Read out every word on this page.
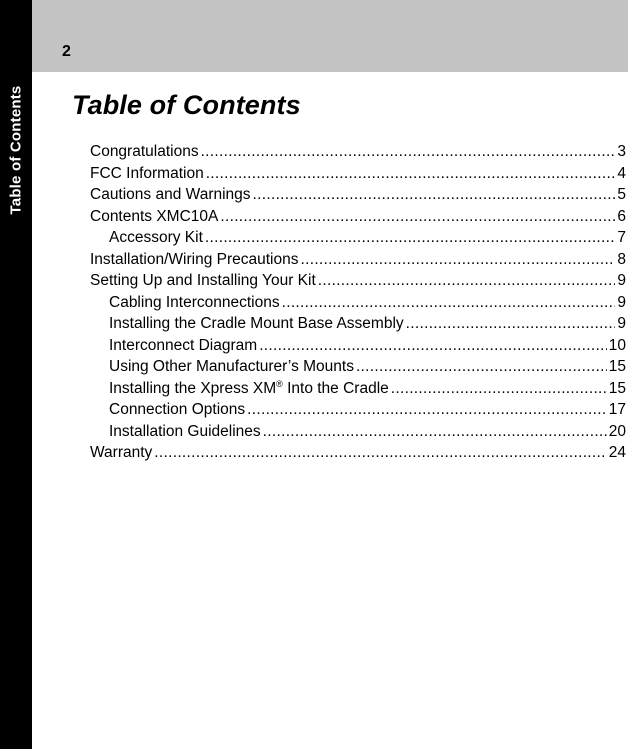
Table of Contents
2
Table of Contents
Congratulations .....	3
FCC Information .....	4
Cautions and Warnings .....	5
Contents XMC10A .....	6
Accessory Kit .....	7
Installation/Wiring Precautions .....	8
Setting Up and Installing Your Kit .....	9
Cabling Interconnections .....	9
Installing the Cradle Mount Base Assembly .....	9
Interconnect Diagram .....	10
Using Other Manufacturer’s Mounts .....	15
Installing the Xpress XM® Into the Cradle .....	15
Connection Options .....	17
Installation Guidelines .....	20
Warranty .....	24
